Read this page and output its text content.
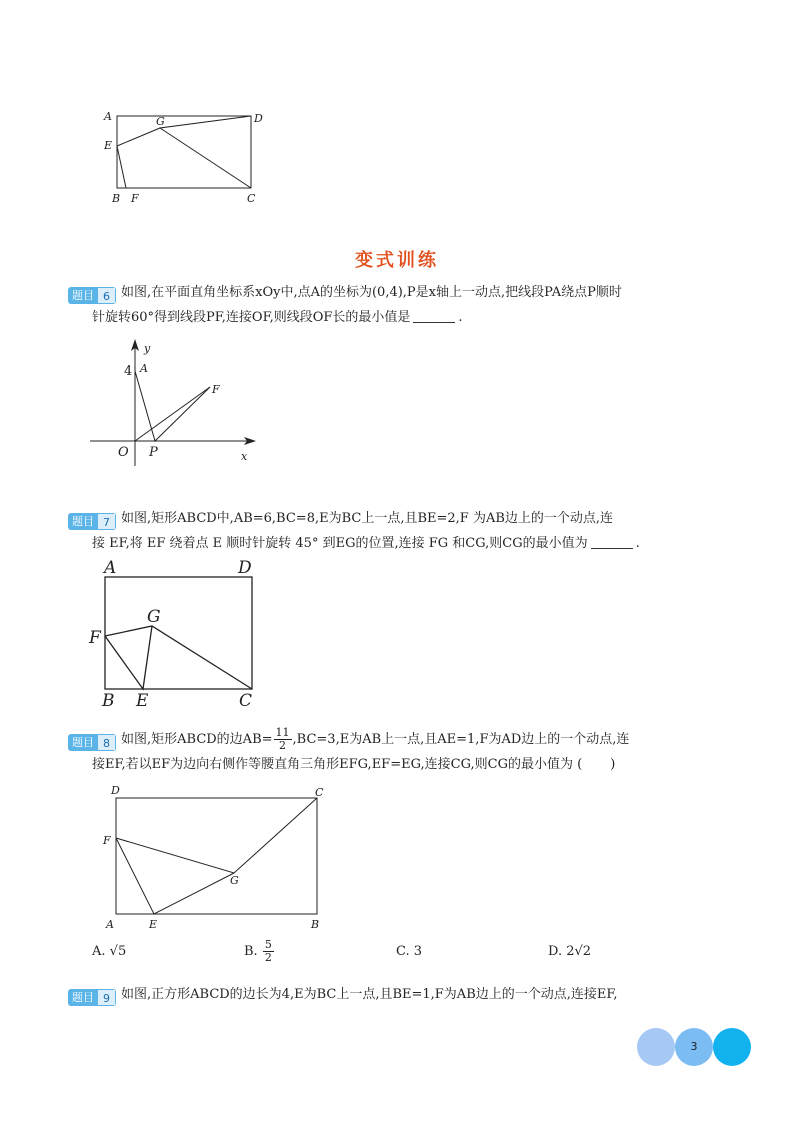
A	D
G
E
B F	C
变式训练
题目 6 如图,在平面直角坐标系xOy中,点A的坐标为(0,4),P是x轴上一动点,把线段PA绕点P顺时
针旋转60°得到线段PF,连接OF,则线段OF长的最小值是	.
y
4 A
F
O P	x
题目 7 如图,矩形ABCD中,AB=6,BC=8,E为BC上一点,且BE=2,F 为AB边上的一个动点,连
接 EF,将 EF 绕着点 E 顺时针旋转 45° 到EG的位置,连接 FG 和CG,则CG的最小值为	.
A	D
G
F
B E	C
题目 8 如图,矩形ABCD的边$AB= \frac{11}{2} ,BC=3,E$为AB上一点,且AE=1,F为AD边上的一个动点,连
接EF,若以EF为边向右侧作等腰直角三角形EFG,EF=EG,连接CG,则CG的最小值为 ( )
D	C
F
G
A	E	B
A. √5	B. $\frac{5}{2}$	C. 3	D. 2√2
题目 9 如图,正方形ABCD的边长为4,E为BC上一点,且BE=1,F为AB边上的一个动点,连接EF,
3
